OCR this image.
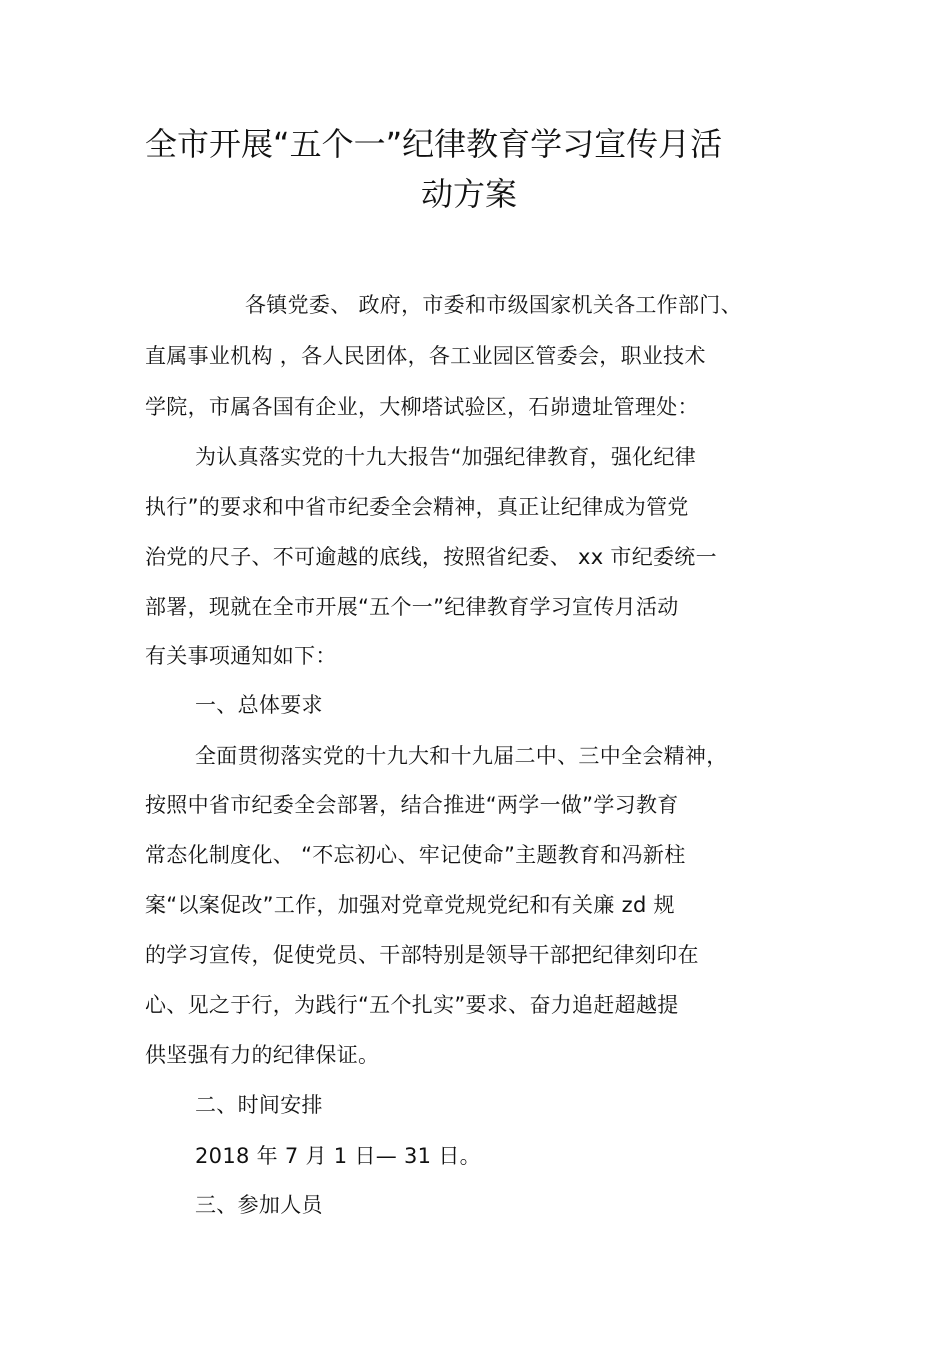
全市开展“五个一”纪律教育学习宣传月活
动方案
各镇党委、 政府，市委和市级国家机关各工作部门、
直属事业机构 ，各人民团体，各工业园区管委会，职业技术
学院，市属各国有企业，大柳塔试验区，石峁遗址管理处：
为认真落实党的十九大报告“加强纪律教育，强化纪律
执行”的要求和中省市纪委全会精神，真正让纪律成为管党
治党的尺子、不可逾越的底线，按照省纪委、 xx 市纪委统一
部署，现就在全市开展“五个一”纪律教育学习宣传月活动
有关事项通知如下：
一、总体要求
全面贯彻落实党的十九大和十九届二中、三中全会精神，
按照中省市纪委全会部署，结合推进“两学一做”学习教育
常态化制度化、 “不忘初心、牢记使命”主题教育和冯新柱
案“以案促改”工作，加强对党章党规党纪和有关廉 zd 规
的学习宣传，促使党员、干部特别是领导干部把纪律刻印在
心、见之于行，为践行“五个扎实”要求、奋力追赶超越提
供坚强有力的纪律保证。
二、时间安排
2018 年 7 月 1 日— 31 日。
三、参加人员
